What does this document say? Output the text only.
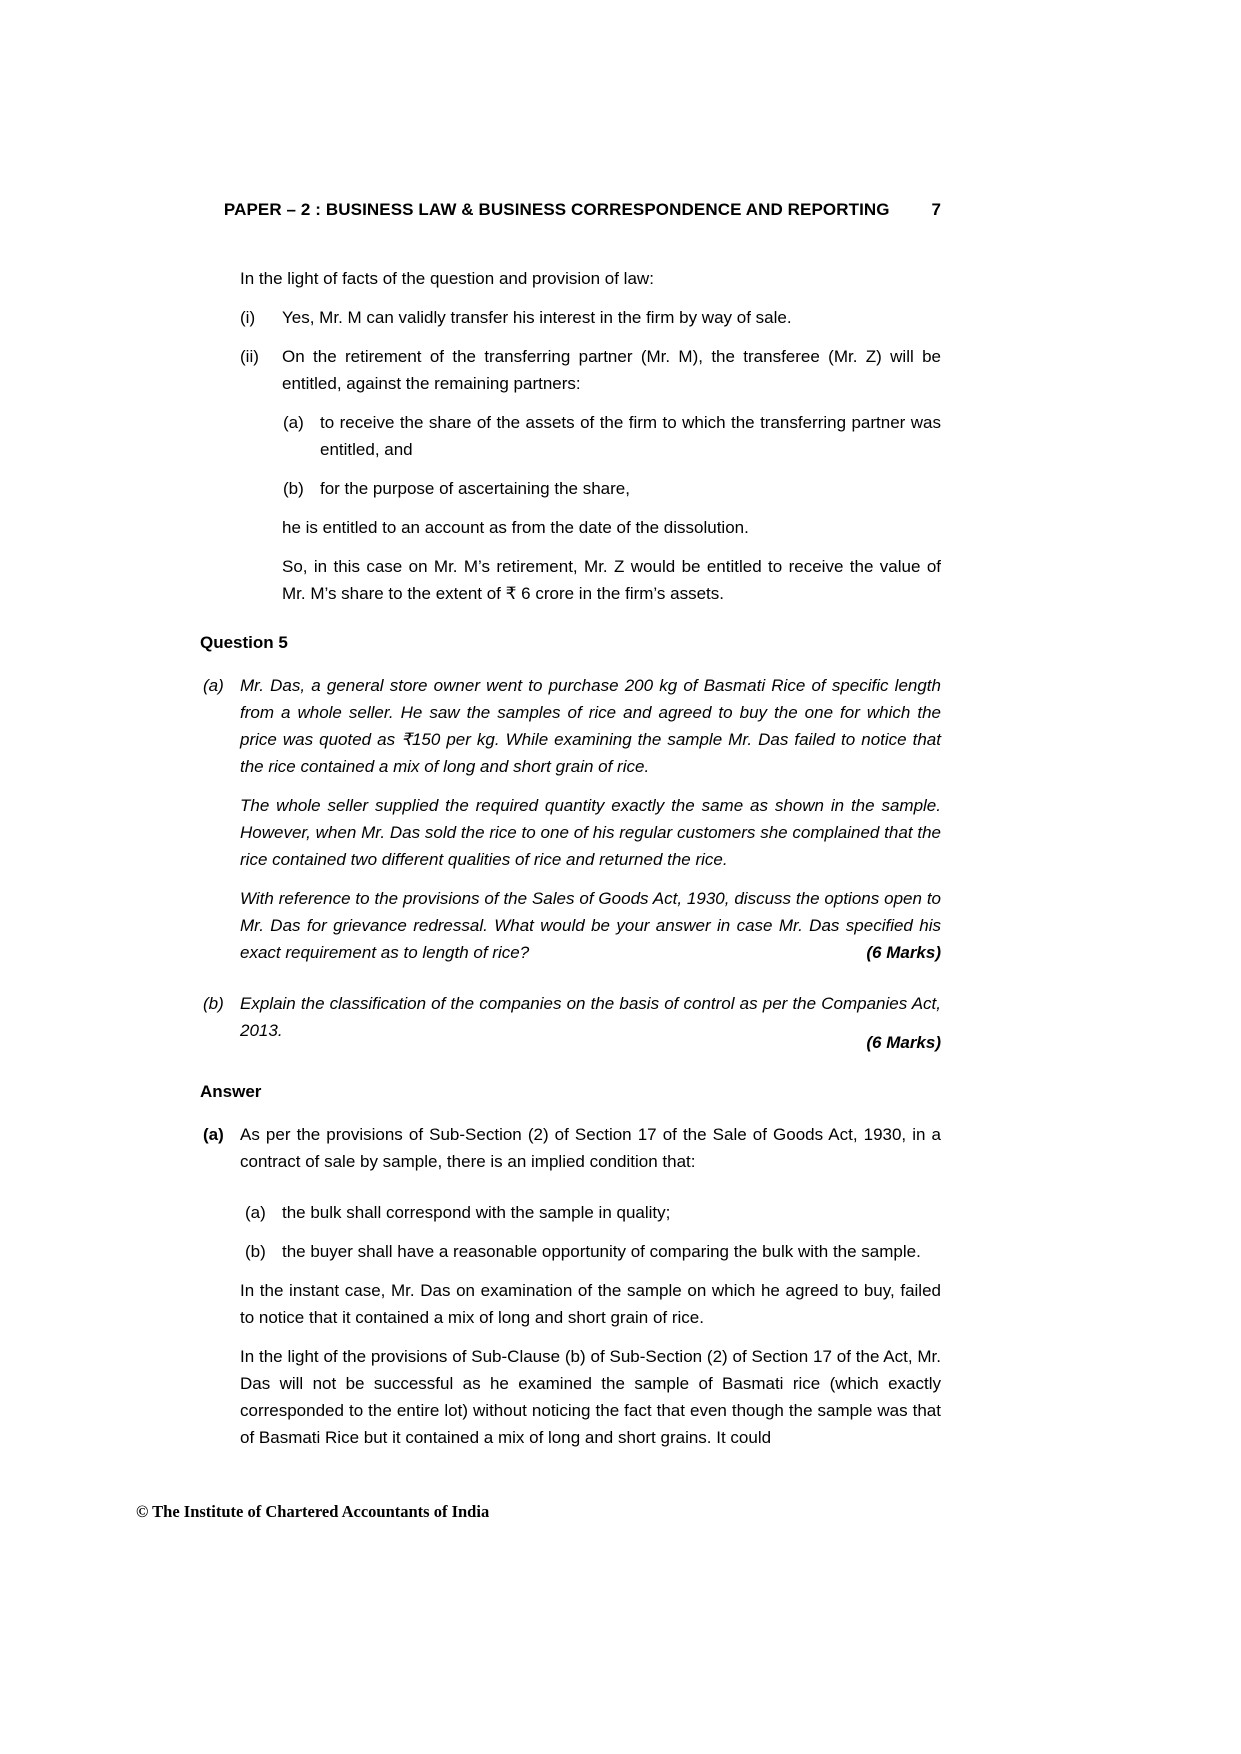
PAPER – 2 : BUSINESS LAW & BUSINESS CORRESPONDENCE AND REPORTING	7

In the light of facts of the question and provision of law:

(i)	Yes, Mr. M can validly transfer his interest in the firm by way of sale.
(ii)	On the retirement of the transferring partner (Mr. M), the transferee (Mr. Z) will be entitled, against the remaining partners:
(a) to receive the share of the assets of the firm to which the transferring partner was entitled, and
(b) for the purpose of ascertaining the share,

he is entitled to an account as from the date of the dissolution.

So, in this case on Mr. M’s retirement, Mr. Z would be entitled to receive the value of Mr. M’s share to the extent of ₹ 6 crore in the firm’s assets.

Question 5
(a) Mr. Das, a general store owner went to purchase 200 kg of Basmati Rice of specific length from a whole seller. He saw the samples of rice and agreed to buy the one for which the price was quoted as ₹150 per kg. While examining the sample Mr. Das failed to notice that the rice contained a mix of long and short grain of rice.

The whole seller supplied the required quantity exactly the same as shown in the sample. However, when Mr. Das sold the rice to one of his regular customers she complained that the rice contained two different qualities of rice and returned the rice.

With reference to the provisions of the Sales of Goods Act, 1930, discuss the options open to Mr. Das for grievance redressal. What would be your answer in case Mr. Das specified his exact requirement as to length of rice?	(6 Marks)
(b) Explain the classification of the companies on the basis of control as per the Companies Act, 2013.

(6 Marks)
Answer
(a) As per the provisions of Sub-Section (2) of Section 17 of the Sale of Goods Act, 1930, in a contract of sale by sample, there is an implied condition that:

(a) the bulk shall correspond with the sample in quality;
(b) the buyer shall have a reasonable opportunity of comparing the bulk with the sample.

In the instant case, Mr. Das on examination of the sample on which he agreed to buy, failed to notice that it contained a mix of long and short grain of rice.

In the light of the provisions of Sub-Clause (b) of Sub-Section (2) of Section 17 of the Act, Mr. Das will not be successful as he examined the sample of Basmati rice (which exactly corresponded to the entire lot) without noticing the fact that even though the sample was that of Basmati Rice but it contained a mix of long and short grains. It could

© The Institute of Chartered Accountants of India
